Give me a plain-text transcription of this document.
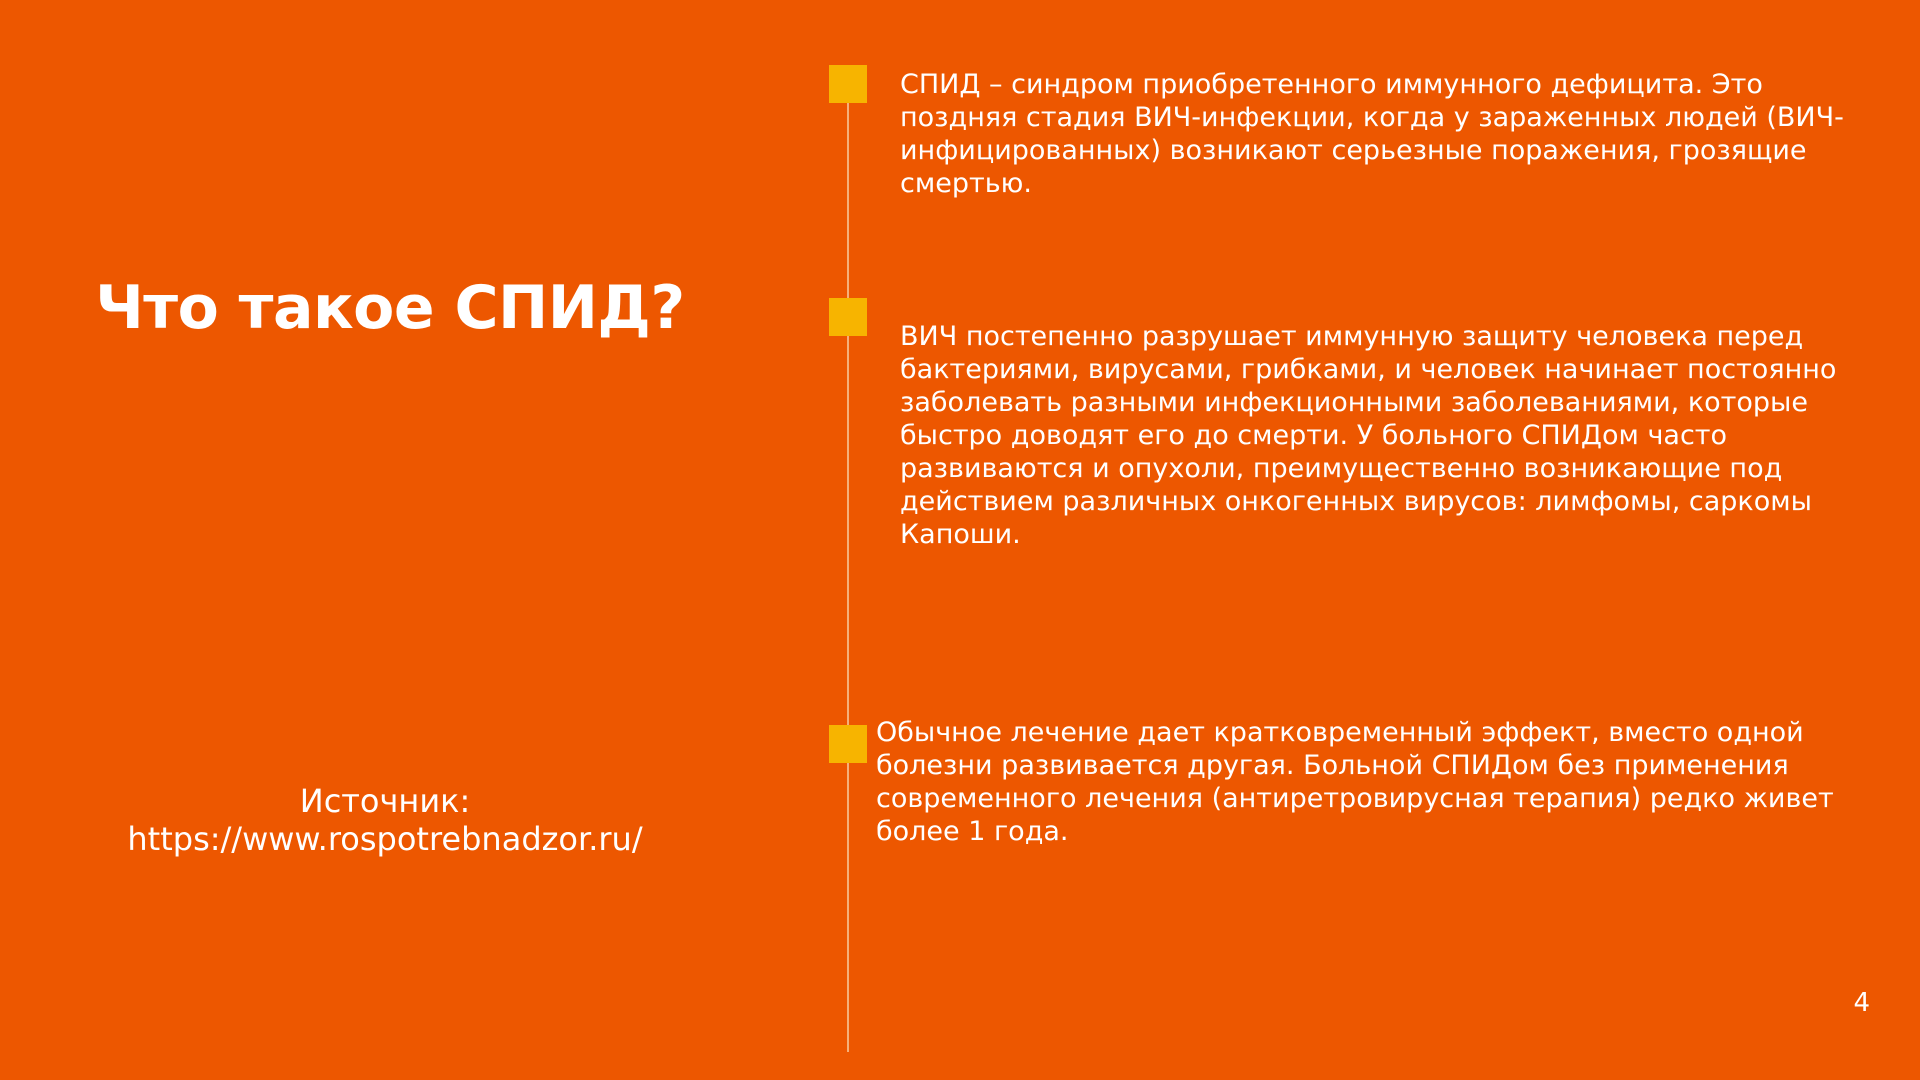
Что такое СПИД?
Источник:
https://www.rospotrebnadzor.ru/

СПИД – синдром приобретенного иммунного дефицита. Это поздняя стадия ВИЧ-инфекции, когда у зараженных людей (ВИЧ-инфицированных) возникают серьезные поражения, грозящие смертью.

ВИЧ постепенно разрушает иммунную защиту человека перед бактериями, вирусами, грибками, и человек начинает постоянно заболевать разными инфекционными заболеваниями, которые быстро доводят его до смерти. У больного СПИДом часто развиваются и опухоли, преимущественно возникающие под действием различных онкогенных вирусов: лимфомы, саркомы Капоши.

Обычное лечение дает кратковременный эффект, вместо одной болезни развивается другая. Больной СПИДом без применения современного лечения (антиретровирусная терапия) редко живет более 1 года.

4
